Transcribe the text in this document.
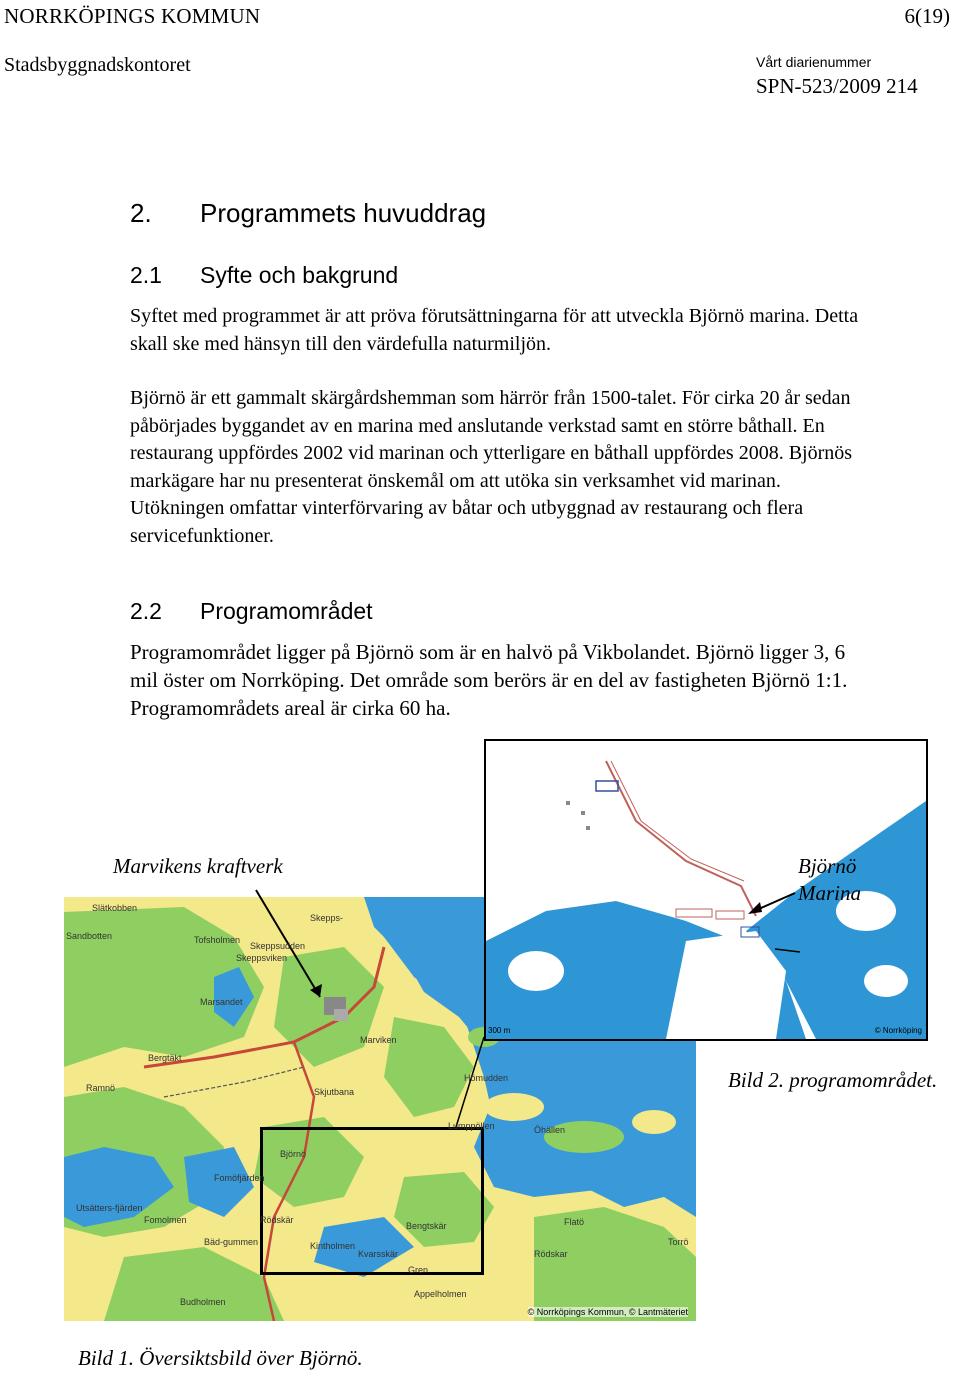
NORRKÖPINGS KOMMUN	6(19)
Stadsbyggnadskontoret	Vårt diarienummer
SPN-523/2009 214
2. Programmets huvuddrag
2.1 Syfte och bakgrund

Syftet med programmet är att pröva förutsättningarna för att utveckla Björnö marina. Detta skall ske med hänsyn till den värdefulla naturmiljön.

Björnö är ett gammalt skärgårdshemman som härrör från 1500-talet. För cirka 20 år sedan påbörjades byggandet av en marina med anslutande verkstad samt en större båthall. En restaurang uppfördes 2002 vid marinan och ytterligare en båthall uppfördes 2008. Björnös markägare har nu presenterat önskemål om att utöka sin verksamhet vid marinan. Utökningen omfattar vinterförvaring av båtar och utbyggnad av restaurang och flera servicefunktioner.

2.2 Programområdet

Programområdet ligger på Björnö som är en halvö på Vikbolandet. Björnö ligger 3, 6 mil öster om Norrköping. Det område som berörs är en del av fastigheten Björnö 1:1. Programområdets areal är cirka 60 ha.

© Norrköpings Kommun, © Lantmäteriet
300 m	© Norrköping
Marvikens kraftverk	Björnö
Marina
Bild 2. programområdet.
Bild 1. Översiktsbild över Björnö.
Slätkobben
Skepps-
Sandbotten	Tofsholmen
Skeppsudden
Skeppsviken
Marsandet
Marviken
Bergtäkt
Ramnö	Skjutbana
Hömudden
Lumppöllen	Öhällen
Björnö
Fomöfjärden
Utsätters-fjärden
Fomolmen	Rödskär
Bengtskär	Flatö
Torrö
Bäd-gummen	Kintholmen
Kvarsskär	Rödskar
Gren
Appelholmen
Budholmen
